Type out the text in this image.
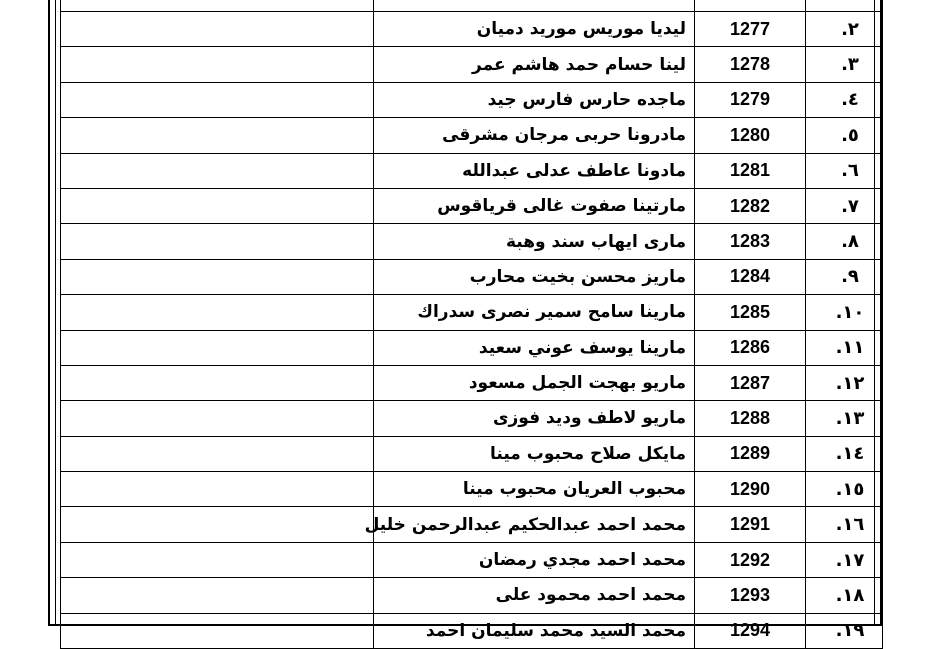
٢.	1277	ليديا موريس موريد دميان	
٣.	1278	لينا حسام حمد هاشم عمر	
٤.	1279	ماجده حارس فارس جيد	
٥.	1280	مادرونا حربى مرجان مشرقى	
٦.	1281	مادونا عاطف عدلى عبدالله	
٧.	1282	مارتينا صفوت غالى قرياقوس	
٨.	1283	مارى ايهاب سند وهبة	
٩.	1284	ماريز محسن بخيت محارب	
١٠.	1285	مارينا سامح سمير نصرى سدراك	
١١.	1286	مارينا يوسف عوني سعيد	
١٢.	1287	ماريو بهجت الجمل مسعود	
١٣.	1288	ماريو لاطف وديد فوزى	
١٤.	1289	مايكل صلاح محبوب مينا	
١٥.	1290	محبوب العريان محبوب مينا	
١٦.	1291	محمد احمد عبدالحكيم عبدالرحمن خليل	
١٧.	1292	محمد احمد مجدي رمضان	
١٨.	1293	محمد احمد محمود على	
١٩.	1294	محمد السيد محمد سليمان احمد	
